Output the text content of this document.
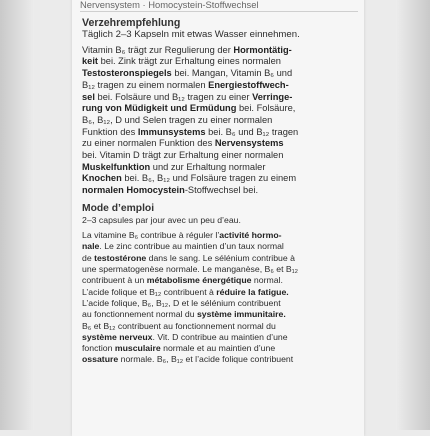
Nervensystem · Homocystein-Stoffwechsel
Verzehrempfehlung

Täglich 2–3 Kapseln mit etwas Wasser einnehmen.

Vitamin B₆ trägt zur Regulierung der Hormontätig-

keit bei. Zink trägt zur Erhaltung eines normalen

Testosteronspiegels bei. Mangan, Vitamin B₆ und

B₁₂ tragen zu einem normalen Energiestoffwech-

sel bei. Folsäure und B₁₂ tragen zu einer Verringe-

rung von Müdigkeit und Ermüdung bei. Folsäure,

B₆, B₁₂, D und Selen tragen zu einer normalen

Funktion des Immunsystems bei. B₆ und B₁₂ tragen

zu einer normalen Funktion des Nervensystems

bei. Vitamin D trägt zur Erhaltung einer normalen

Muskelfunktion und zur Erhaltung normaler

Knochen bei. B₆, B₁₂ und Folsäure tragen zu einem

normalen Homocystein-Stoffwechsel bei.

Mode d’emploi

2–3 capsules par jour avec un peu d’eau.

La vitamine B₆ contribue à réguler l’activité hormo-

nale. Le zinc contribue au maintien d’un taux normal

de testostérone dans le sang. Le sélénium contribue à

une spermatogenèse normale. Le manganèse, B₆ et B₁₂

contribuent à un métabolisme énergétique normal.

L’acide folique et B₁₂ contribuent à réduire la fatigue.

L’acide folique, B₆, B₁₂, D et le sélénium contribuent

au fonctionnement normal du système immunitaire.

B₆ et B₁₂ contribuent au fonctionnement normal du

système nerveux. Vit. D contribue au maintien d’une

fonction musculaire normale et au maintien d’une

ossature normale. B₆, B₁₂ et l’acide folique contribuent
